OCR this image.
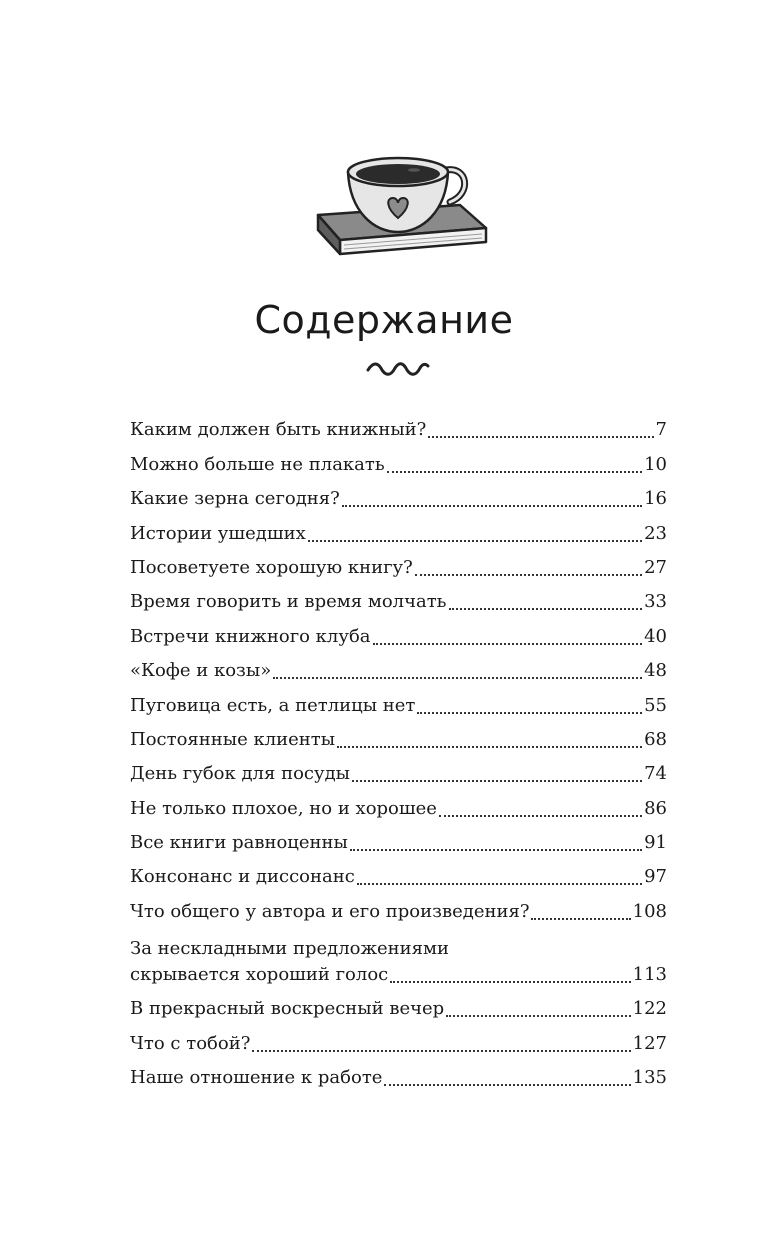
Содержание
Каким должен быть книжный?	7
Можно больше не плакать	10
Какие зерна сегодня?	16
Истории ушедших	23
Посоветуете хорошую книгу?	27
Время говорить и время молчать	33
Встречи книжного клуба	40
«Кофе и козы»	48
Пуговица есть, а петлицы нет	55
Постоянные клиенты	68
День губок для посуды	74
Не только плохое, но и хорошее	86
Все книги равноценны	91
Консонанс и диссонанс	97
Что общего у автора и его произведения?	108
За нескладными предложениями
скрывается хороший голос	113
В прекрасный воскресный вечер	122
Что с тобой?	127
Наше отношение к работе	135
